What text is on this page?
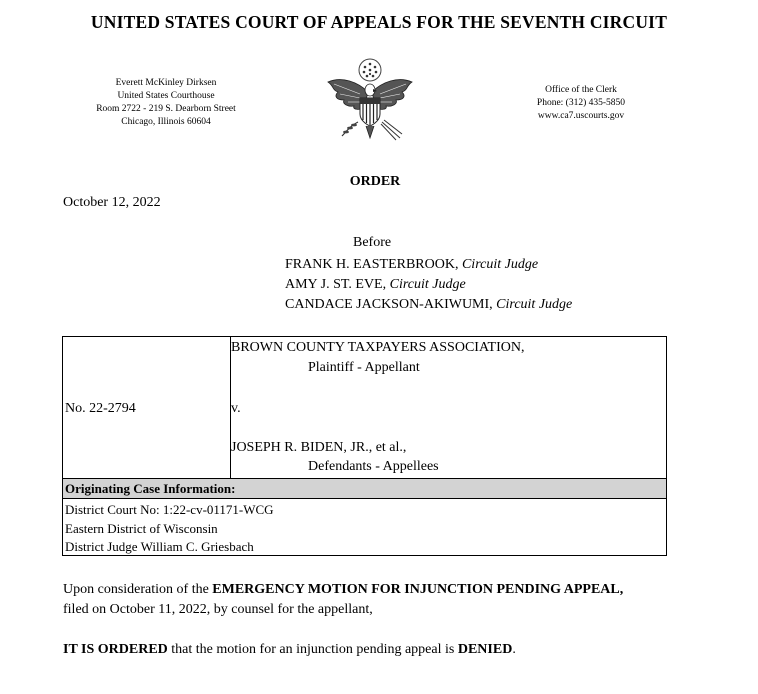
UNITED STATES COURT OF APPEALS FOR THE SEVENTH CIRCUIT
Everett McKinley Dirksen
United States Courthouse
Room 2722 - 219 S. Dearborn Street
Chicago, Illinois 60604
Office of the Clerk
Phone: (312) 435-5850
www.ca7.uscourts.gov
ORDER
October 12, 2022
Before
FRANK H. EASTERBROOK, Circuit Judge
AMY J. ST. EVE, Circuit Judge
CANDACE JACKSON-AKIWUMI, Circuit Judge
No. 22-2794
BROWN COUNTY TAXPAYERS ASSOCIATION,
Plaintiff - Appellant
v.
JOSEPH R. BIDEN, JR., et al.,
Defendants - Appellees
Originating Case Information:
District Court No: 1:22-cv-01171-WCG
Eastern District of Wisconsin
District Judge William C. Griesbach
Upon consideration of the EMERGENCY MOTION FOR INJUNCTION PENDING APPEAL,
filed on October 11, 2022, by counsel for the appellant,
IT IS ORDERED that the motion for an injunction pending appeal is DENIED.
